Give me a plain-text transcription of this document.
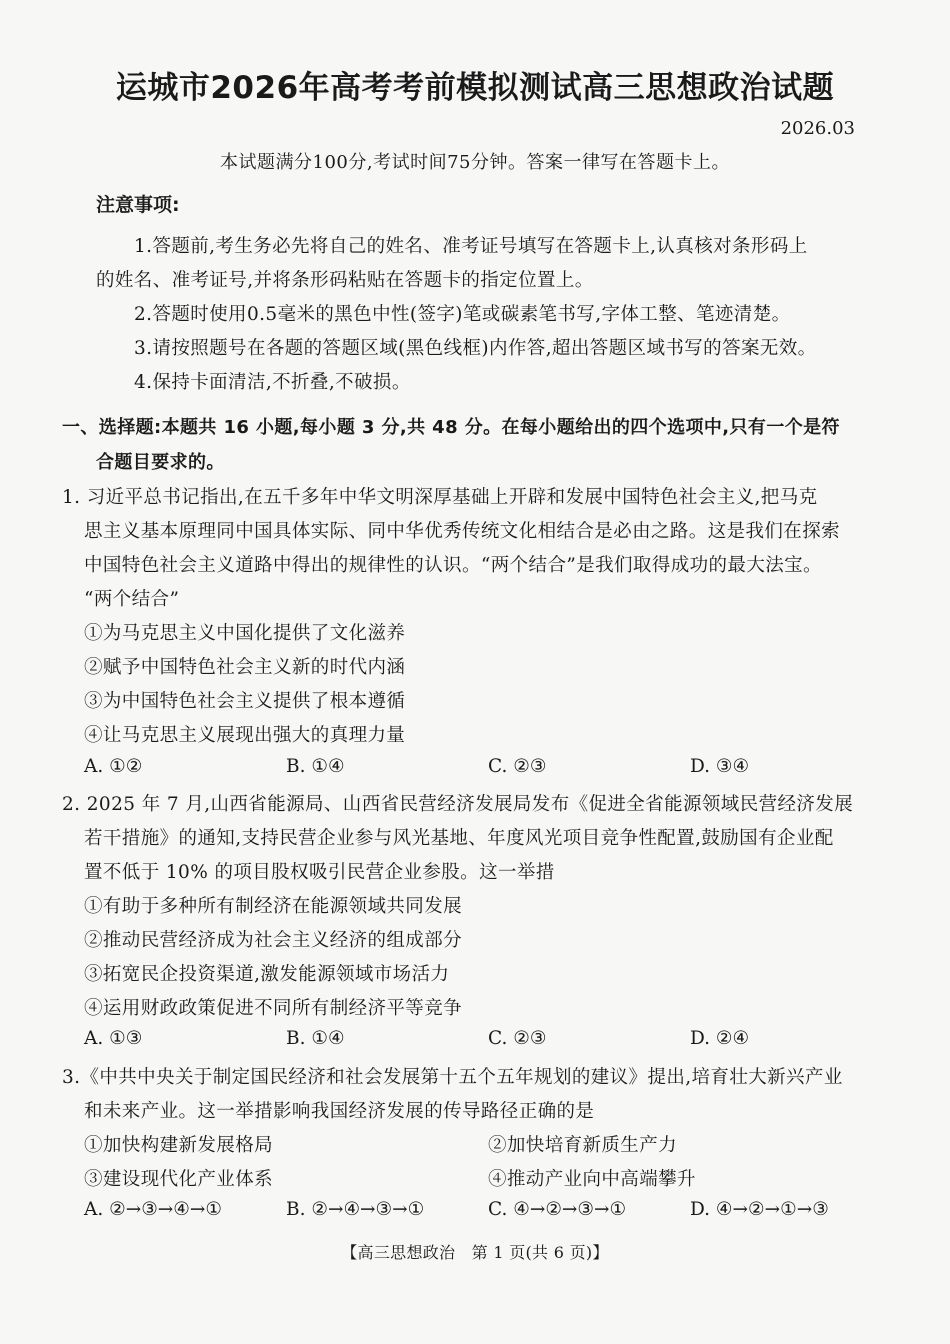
运城市2026年高考考前模拟测试高三思想政治试题
2026.03
本试题满分100分,考试时间75分钟。答案一律写在答题卡上。
注意事项:
1.答题前,考生务必先将自己的姓名、准考证号填写在答题卡上,认真核对条形码上
的姓名、准考证号,并将条形码粘贴在答题卡的指定位置上。
2.答题时使用0.5毫米的黑色中性(签字)笔或碳素笔书写,字体工整、笔迹清楚。
3.请按照题号在各题的答题区域(黑色线框)内作答,超出答题区域书写的答案无效。
4.保持卡面清洁,不折叠,不破损。
一、选择题:本题共 16 小题,每小题 3 分,共 48 分。在每小题给出的四个选项中,只有一个是符
合题目要求的。
1. 习近平总书记指出,在五千多年中华文明深厚基础上开辟和发展中国特色社会主义,把马克
思主义基本原理同中国具体实际、同中华优秀传统文化相结合是必由之路。这是我们在探索
中国特色社会主义道路中得出的规律性的认识。“两个结合”是我们取得成功的最大法宝。
“两个结合”
①为马克思主义中国化提供了文化滋养
②赋予中国特色社会主义新的时代内涵
③为中国特色社会主义提供了根本遵循
④让马克思主义展现出强大的真理力量
A. ①②	B. ①④	C. ②③	D. ③④
2. 2025 年 7 月,山西省能源局、山西省民营经济发展局发布《促进全省能源领域民营经济发展
若干措施》的通知,支持民营企业参与风光基地、年度风光项目竞争性配置,鼓励国有企业配
置不低于 10% 的项目股权吸引民营企业参股。这一举措
①有助于多种所有制经济在能源领域共同发展
②推动民营经济成为社会主义经济的组成部分
③拓宽民企投资渠道,激发能源领域市场活力
④运用财政政策促进不同所有制经济平等竞争
A. ①③	B. ①④	C. ②③	D. ②④
3.《中共中央关于制定国民经济和社会发展第十五个五年规划的建议》提出,培育壮大新兴产业
和未来产业。这一举措影响我国经济发展的传导路径正确的是
①加快构建新发展格局	②加快培育新质生产力
③建设现代化产业体系	④推动产业向中高端攀升
A. ②→③→④→①	B. ②→④→③→①	C. ④→②→③→①	D. ④→②→①→③
【高三思想政治　第 1 页(共 6 页)】
